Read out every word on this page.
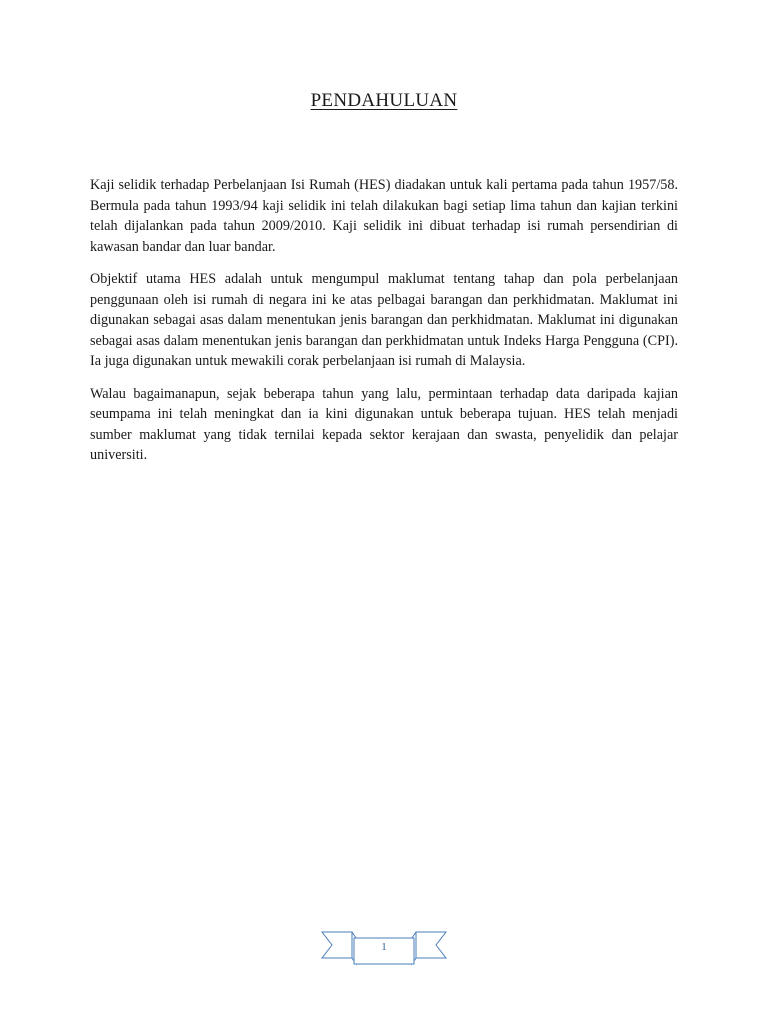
PENDAHULUAN

Kaji selidik terhadap Perbelanjaan Isi Rumah (HES) diadakan untuk kali pertama pada tahun 1957/58. Bermula pada tahun 1993/94 kaji selidik ini telah dilakukan bagi setiap lima tahun dan kajian terkini telah dijalankan pada tahun 2009/2010. Kaji selidik ini dibuat terhadap isi rumah persendirian di kawasan bandar dan luar bandar.

Objektif utama HES adalah untuk mengumpul maklumat tentang tahap dan pola perbelanjaan penggunaan oleh isi rumah di negara ini ke atas pelbagai barangan dan perkhidmatan. Maklumat ini digunakan sebagai asas dalam menentukan jenis barangan dan perkhidmatan. Maklumat ini digunakan sebagai asas dalam menentukan jenis barangan dan perkhidmatan untuk Indeks Harga Pengguna (CPI). Ia juga digunakan untuk mewakili corak perbelanjaan isi rumah di Malaysia.

Walau bagaimanapun, sejak beberapa tahun yang lalu, permintaan terhadap data daripada kajian seumpama ini telah meningkat dan ia kini digunakan untuk beberapa tujuan. HES telah menjadi sumber maklumat yang tidak ternilai kepada sektor kerajaan dan swasta, penyelidik dan pelajar universiti.

1
